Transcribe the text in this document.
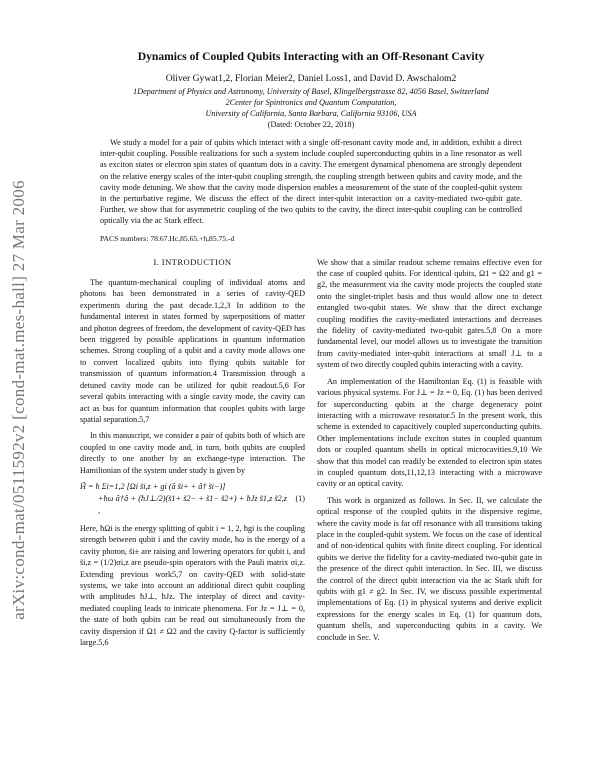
arXiv:cond-mat/0511592v2 [cond-mat.mes-hall] 27 Mar 2006
Dynamics of Coupled Qubits Interacting with an Off-Resonant Cavity
Oliver Gywat1,2, Florian Meier2, Daniel Loss1, and David D. Awschalom2
1Department of Physics and Astronomy, University of Basel, Klingelbergstrasse 82, 4056 Basel, Switzerland
2Center for Spintronics and Quantum Computation,
University of California, Santa Barbara, California 93106, USA
(Dated: October 22, 2018)
We study a model for a pair of qubits which interact with a single off-resonant cavity mode and, in addition, exhibit a direct inter-qubit coupling. Possible realizations for such a system include coupled superconducting qubits in a line resonator as well as exciton states or electron spin states of quantum dots in a cavity. The emergent dynamical phenomena are strongly dependent on the relative energy scales of the inter-qubit coupling strength, the coupling strength between qubits and cavity mode, and the cavity mode detuning. We show that the cavity mode dispersion enables a measurement of the state of the coupled-qubit system in the perturbative regime. We discuss the effect of the direct inter-qubit interaction on a cavity-mediated two-qubit gate. Further, we show that for asymmetric coupling of the two qubits to the cavity, the direct inter-qubit coupling can be controlled optically via the ac Stark effect.
PACS numbers: 78.67.Hc,85.65.+h,85.75.-d
I. INTRODUCTION

The quantum-mechanical coupling of individual atoms and photons has been demonstrated in a series of cavity-QED experiments during the past decade.1,2,3 In addition to the fundamental interest in states formed by superpositions of matter and photon degrees of freedom, the development of cavity-QED has been triggered by possible applications in quantum information schemes. Strong coupling of a qubit and a cavity mode allows one to convert localized qubits into flying qubits suitable for transmission of quantum information.4 Transmission through a detuned cavity mode can be utilized for qubit readout.5,6 For several qubits interacting with a single cavity mode, the cavity can act as bus for quantum information that couples qubits with large spatial separation.5,7

In this manuscript, we consider a pair of qubits both of which are coupled to one cavity mode and, in turn, both qubits are coupled directly to one another by an exchange-type interaction. The Hamiltonian of the system under study is given by

H̃ = ħ Σi=1,2 [Ωi s̃i,z + gi (â s̃i+ + â† s̃i−)]
+ħω â†â + (ħJ⊥/2)(s̃1+ s̃2− + s̃1− s̃2+) + ħJz s̃1,z s̃2,z ,
(1)

Here, ħΩi is the energy splitting of qubit i = 1, 2, ħgi is the coupling strength between qubit i and the cavity mode, ħω is the energy of a cavity photon, s̃i± are raising and lowering operators for qubit i, and s̃i,z = (1/2)σi,z are pseudo-spin operators with the Pauli matrix σi,z. Extending previous work5,7 on cavity-QED with solid-state systems, we take into account an additional direct qubit coupling with amplitudes ħJ⊥, ħJz. The interplay of direct and cavity-mediated coupling leads to intricate phenomena. For Jz = J⊥ = 0, the state of both qubits can be read out simultaneously from the cavity dispersion if Ω1 ≠ Ω2 and the cavity Q-factor is sufficiently large.5,6

We show that a similar readout scheme remains effective even for the case of coupled qubits. For identical qubits, Ω1 = Ω2 and g1 = g2, the measurement via the cavity mode projects the coupled state onto the singlet-triplet basis and thus would allow one to detect entangled two-qubit states. We show that the direct exchange coupling modifies the cavity-mediated interactions and decreases the fidelity of cavity-mediated two-qubit gates.5,8 On a more fundamental level, our model allows us to investigate the transition from cavity-mediated inter-qubit interactions at small J⊥ to a system of two directly coupled qubits interacting with a cavity.

An implementation of the Hamiltonian Eq. (1) is feasible with various physical systems. For J⊥ = Jz = 0, Eq. (1) has been derived for superconducting qubits at the charge degeneracy point interacting with a microwave resonator.5 In the present work, this scheme is extended to capacitively coupled superconducting qubits. Other implementations include exciton states in coupled quantum dots or coupled quantum shells in optical microcavities.9,10 We show that this model can readily be extended to electron spin states in coupled quantum dots,11,12,13 interacting with a microwave cavity or an optical cavity.

This work is organized as follows. In Sec. II, we calculate the optical response of the coupled qubits in the dispersive regime, where the cavity mode is far off resonance with all transitions taking place in the coupled-qubit system. We focus on the case of identical and of non-identical qubits with finite direct coupling. For identical qubits we derive the fidelity for a cavity-mediated two-qubit gate in the presence of the direct qubit interaction. In Sec. III, we discuss the control of the direct qubit interaction via the ac Stark shift for qubits with g1 ≠ g2. In Sec. IV, we discuss possible experimental implementations of Eq. (1) in physical systems and derive explicit expressions for the energy scales in Eq. (1) for quantum dots, quantum shells, and superconducting qubits in a cavity. We conclude in Sec. V.
